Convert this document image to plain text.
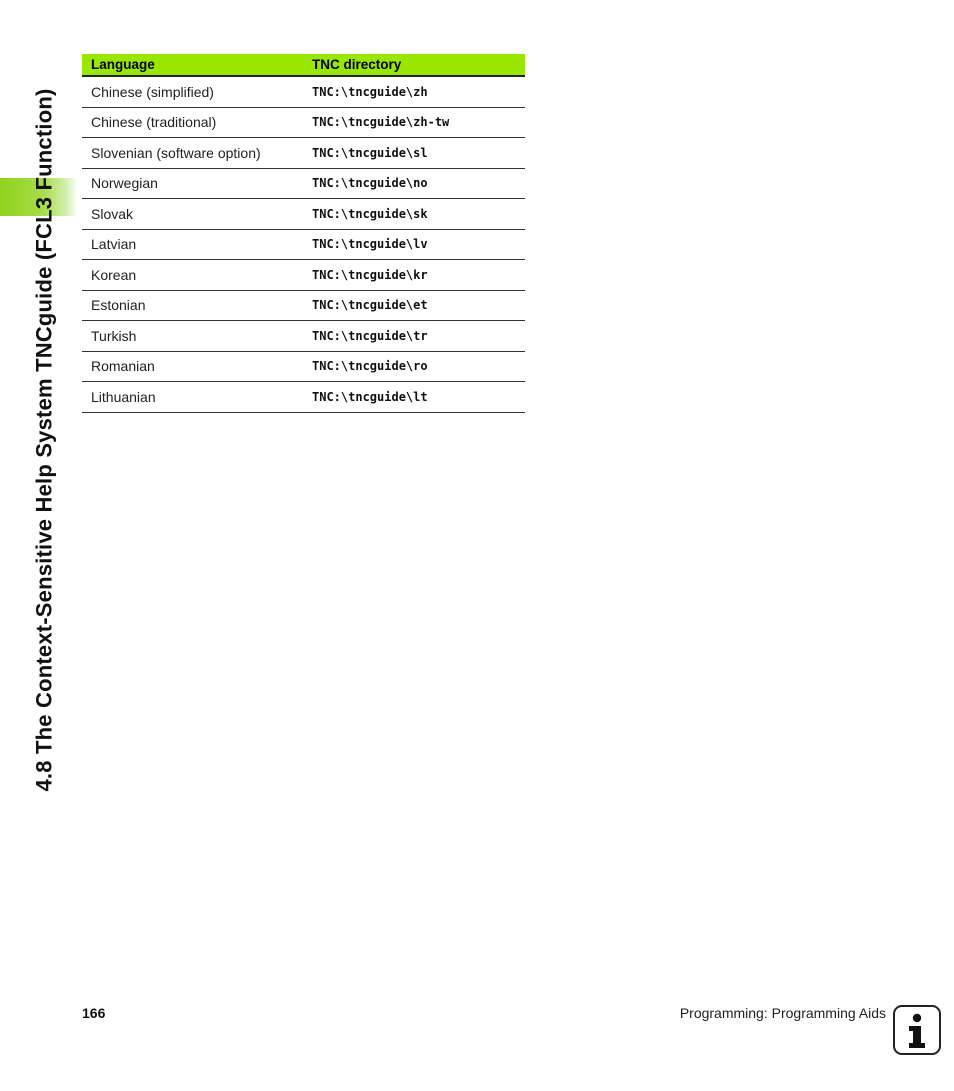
4.8 The Context-Sensitive Help System TNCguide (FCL3 Function)
Language	TNC directory
Chinese (simplified)	TNC:\tncguide\zh
Chinese (traditional)	TNC:\tncguide\zh-tw
Slovenian (software option)	TNC:\tncguide\sl
Norwegian	TNC:\tncguide\no
Slovak	TNC:\tncguide\sk
Latvian	TNC:\tncguide\lv
Korean	TNC:\tncguide\kr
Estonian	TNC:\tncguide\et
Turkish	TNC:\tncguide\tr
Romanian	TNC:\tncguide\ro
Lithuanian	TNC:\tncguide\lt
166	Programming: Programming Aids
